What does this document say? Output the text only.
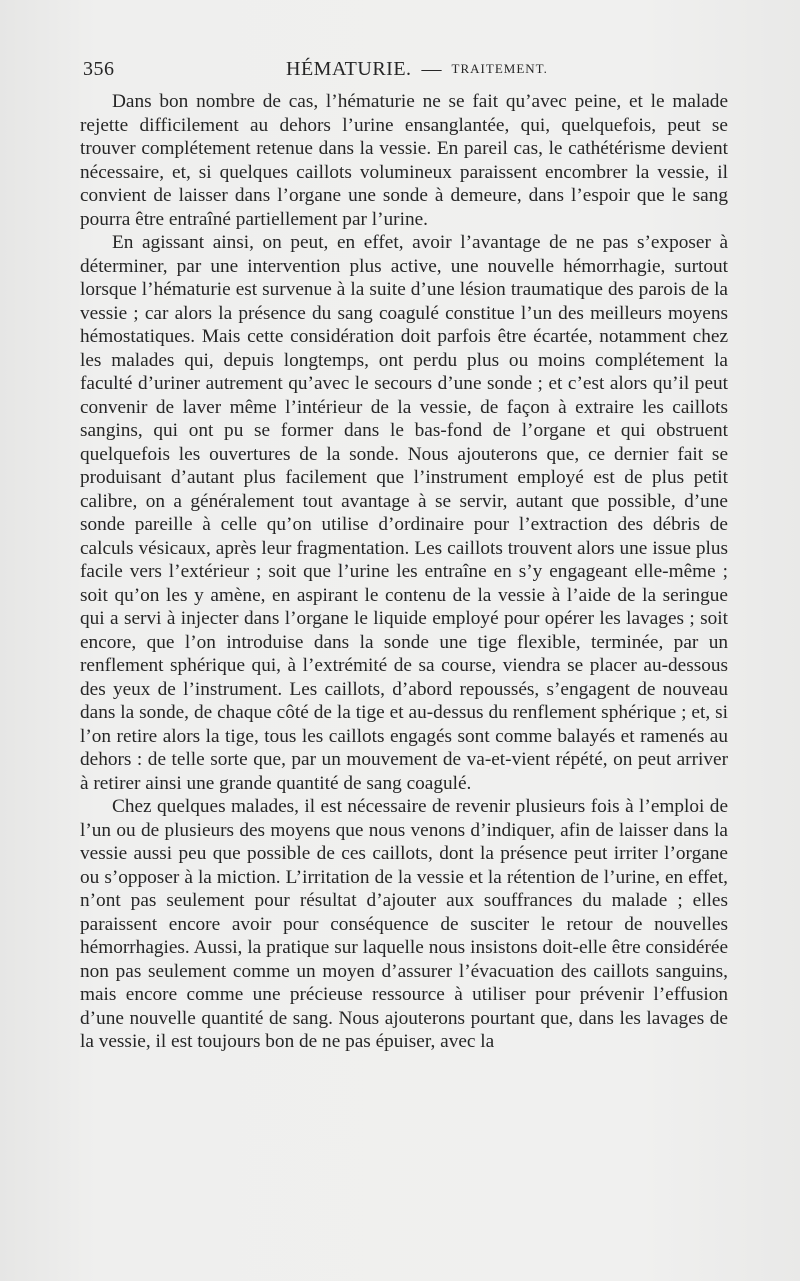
356	HÉMATURIE. — TRAITEMENT.

Dans bon nombre de cas, l’hématurie ne se fait qu’avec peine, et le malade rejette difficilement au dehors l’urine ensanglantée, qui, quelquefois, peut se trouver complétement retenue dans la vessie. En pareil cas, le cathétérisme devient nécessaire, et, si quelques caillots volumineux paraissent encombrer la vessie, il convient de laisser dans l’organe une sonde à demeure, dans l’espoir que le sang pourra être entraîné partiellement par l’urine.

En agissant ainsi, on peut, en effet, avoir l’avantage de ne pas s’exposer à déterminer, par une intervention plus active, une nouvelle hémorrhagie, surtout lorsque l’hématurie est survenue à la suite d’une lésion traumatique des parois de la vessie ; car alors la présence du sang coagulé constitue l’un des meilleurs moyens hémostatiques. Mais cette considération doit parfois être écartée, notamment chez les malades qui, depuis longtemps, ont perdu plus ou moins complétement la faculté d’uriner autrement qu’avec le secours d’une sonde ; et c’est alors qu’il peut convenir de laver même l’intérieur de la vessie, de façon à extraire les caillots sangins, qui ont pu se former dans le bas-fond de l’organe et qui obstruent quelquefois les ouvertures de la sonde. Nous ajouterons que, ce dernier fait se produisant d’autant plus facilement que l’instrument employé est de plus petit calibre, on a généralement tout avantage à se servir, autant que possible, d’une sonde pareille à celle qu’on utilise d’ordinaire pour l’extraction des débris de calculs vésicaux, après leur fragmentation. Les caillots trouvent alors une issue plus facile vers l’extérieur ; soit que l’urine les entraîne en s’y engageant elle-même ; soit qu’on les y amène, en aspirant le contenu de la vessie à l’aide de la seringue qui a servi à injecter dans l’organe le liquide employé pour opérer les lavages ; soit encore, que l’on introduise dans la sonde une tige flexible, terminée, par un renflement sphérique qui, à l’extrémité de sa course, viendra se placer au-dessous des yeux de l’instrument. Les caillots, d’abord repoussés, s’engagent de nouveau dans la sonde, de chaque côté de la tige et au-dessus du renflement sphérique ; et, si l’on retire alors la tige, tous les caillots engagés sont comme balayés et ramenés au dehors : de telle sorte que, par un mouvement de va-et-vient répété, on peut arriver à retirer ainsi une grande quantité de sang coagulé.

Chez quelques malades, il est nécessaire de revenir plusieurs fois à l’emploi de l’un ou de plusieurs des moyens que nous venons d’indiquer, afin de laisser dans la vessie aussi peu que possible de ces caillots, dont la présence peut irriter l’organe ou s’opposer à la miction. L’irritation de la vessie et la rétention de l’urine, en effet, n’ont pas seulement pour résultat d’ajouter aux souffrances du malade ; elles paraissent encore avoir pour conséquence de susciter le retour de nouvelles hémorrhagies. Aussi, la pratique sur laquelle nous insistons doit-elle être considérée non pas seulement comme un moyen d’assurer l’évacuation des caillots sanguins, mais encore comme une précieuse ressource à utiliser pour prévenir l’effusion d’une nouvelle quantité de sang. Nous ajouterons pourtant que, dans les lavages de la vessie, il est toujours bon de ne pas épuiser, avec la
